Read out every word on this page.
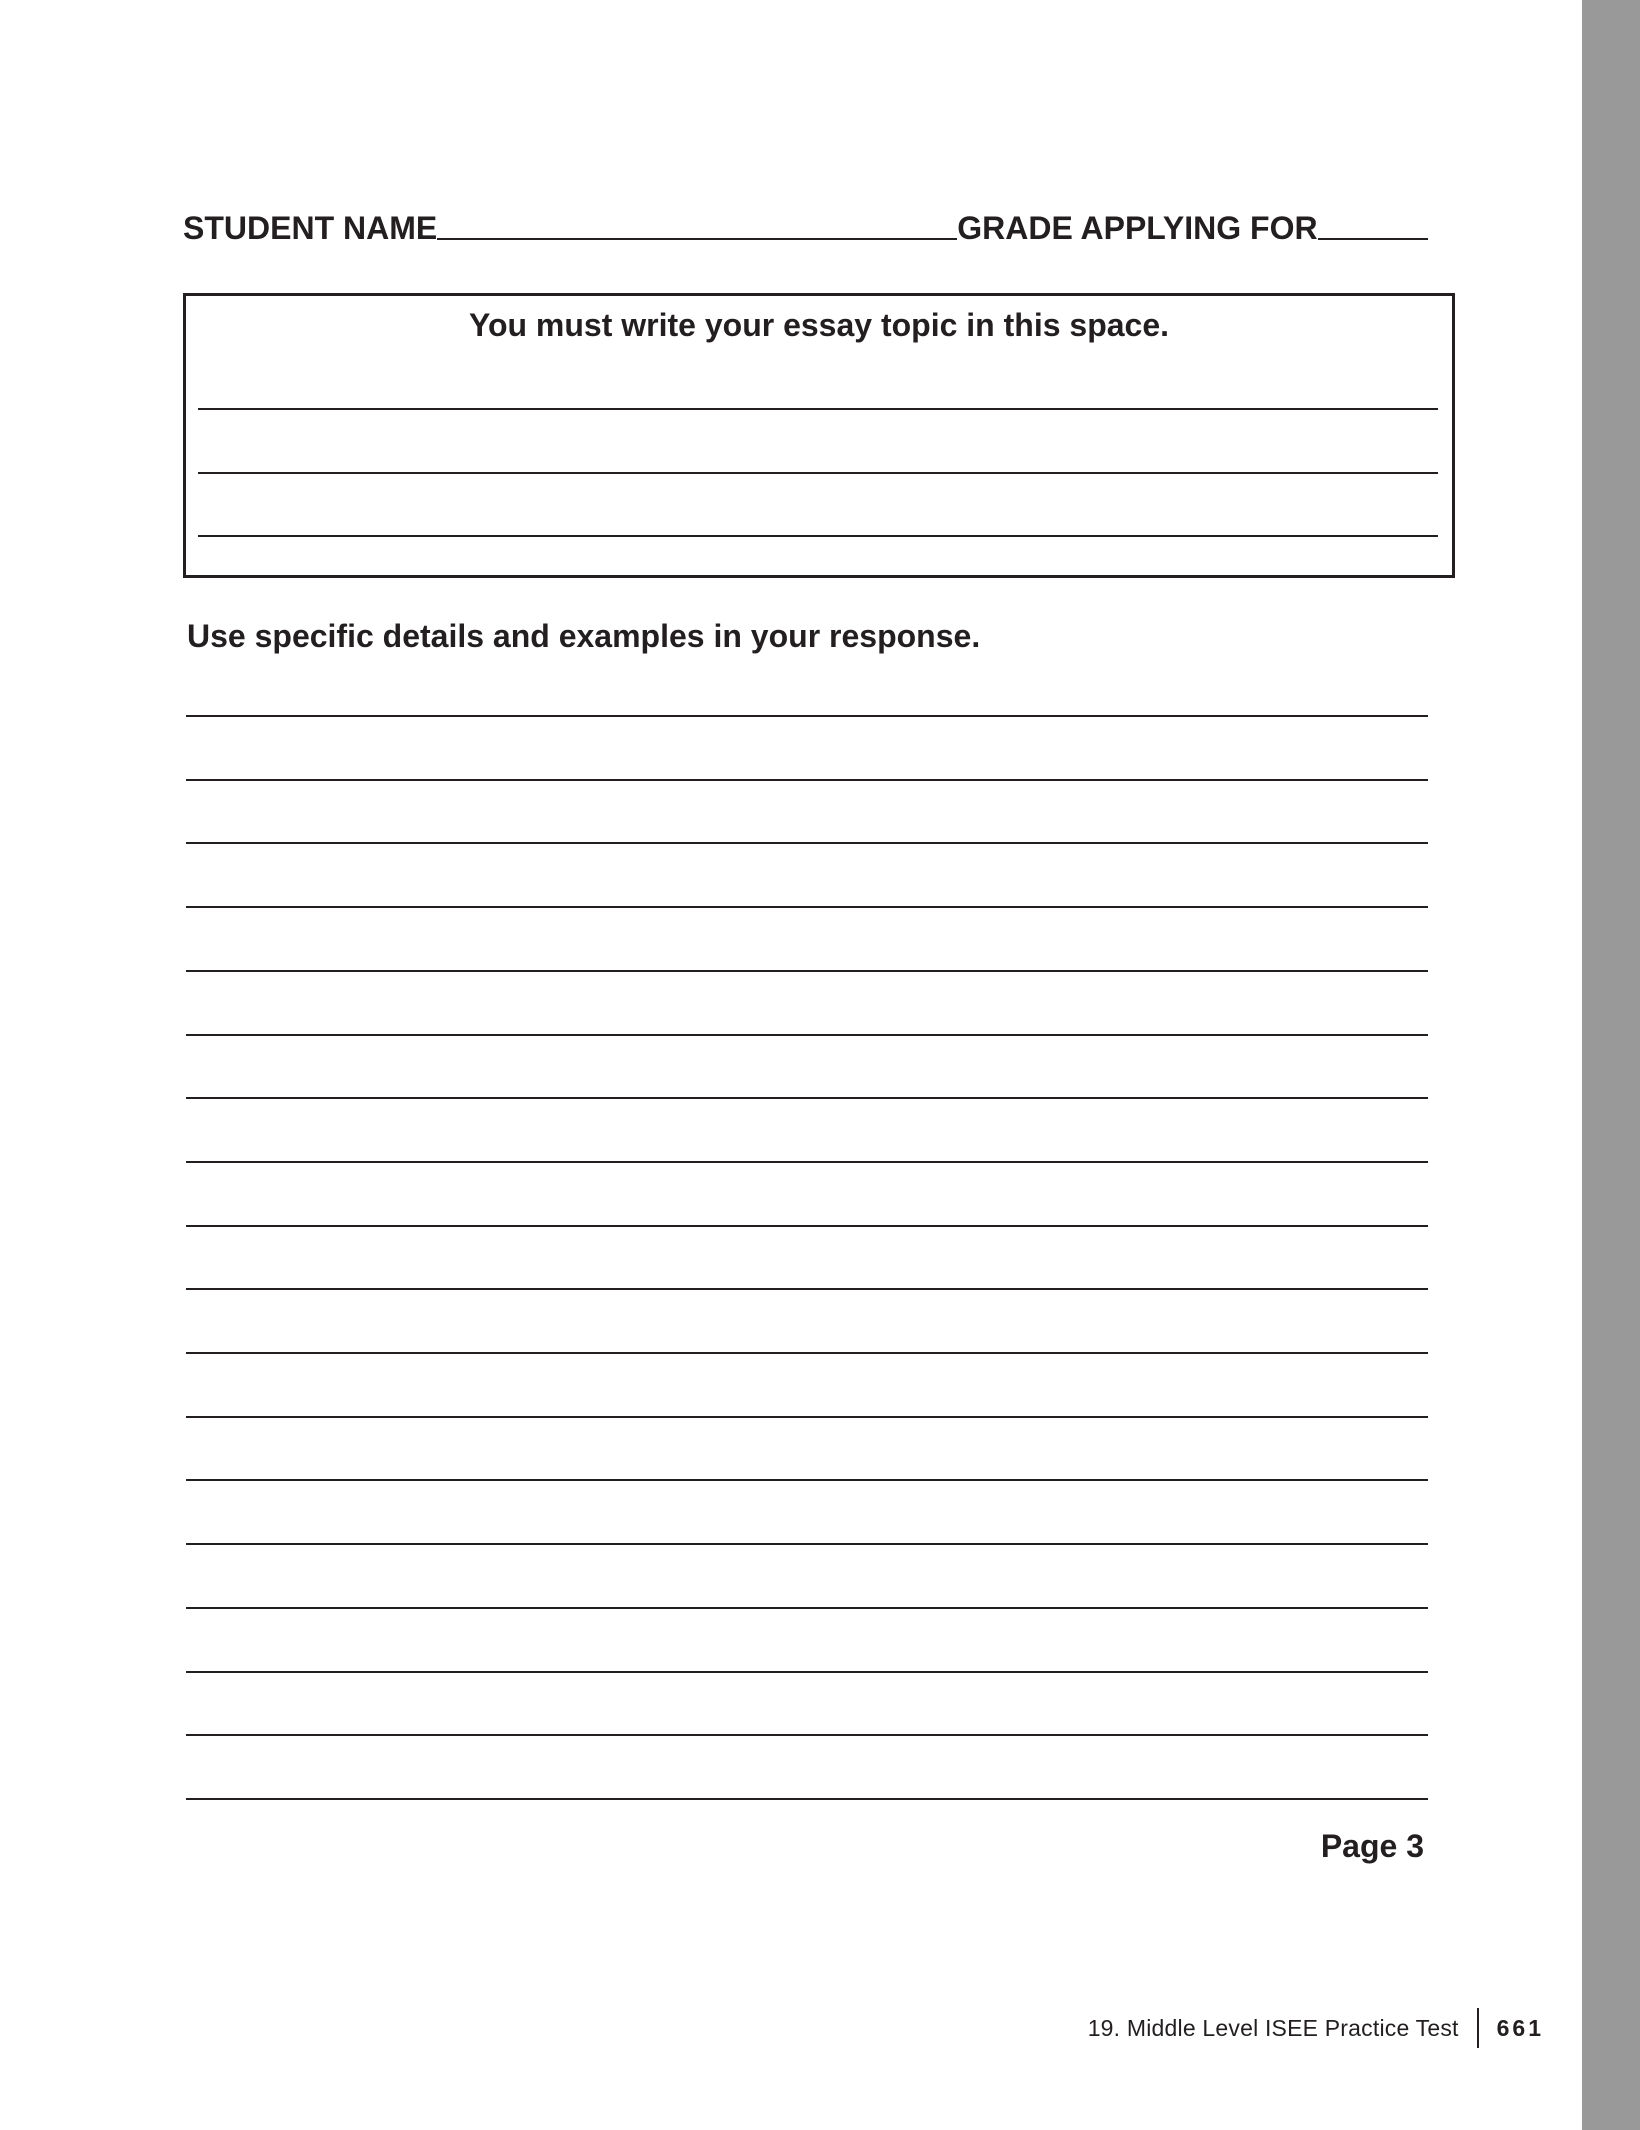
STUDENT NAME	GRADE APPLYING FOR
You must write your essay topic in this space.
Use specific details and examples in your response.
Page 3
19. Middle Level ISEE Practice Test 661
